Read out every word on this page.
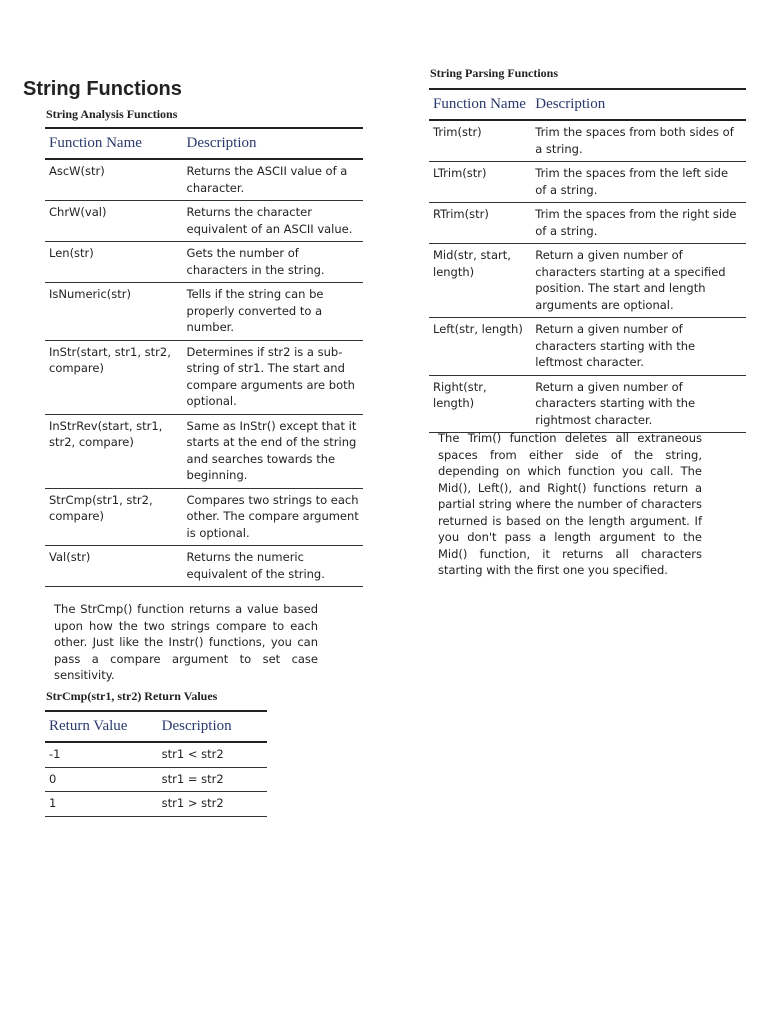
String Functions

String Analysis Functions

Function Name	Description
AscW(str)	Returns the ASCII value of a character.
ChrW(val)	Returns the character equivalent of an ASCII value.
Len(str)	Gets the number of characters in the string.
IsNumeric(str)	Tells if the string can be properly converted to a number.
InStr(start, str1, str2, compare)	Determines if str2 is a sub-string of str1. The start and compare arguments are both optional.
InStrRev(start, str1, str2, compare)	Same as InStr() except that it starts at the end of the string and searches towards the beginning.
StrCmp(str1, str2, compare)	Compares two strings to each other. The compare argument is optional.
Val(str)	Returns the numeric equivalent of the string.

The StrCmp() function returns a value based upon how the two strings compare to each other. Just like the Instr() functions, you can pass a compare argument to set case sensitivity.

StrCmp(str1, str2) Return Values

Return Value	Description
-1	str1 < str2
0	str1 = str2
1	str1 > str2

String Parsing Functions

Function Name	Description
Trim(str)	Trim the spaces from both sides of a string.
LTrim(str)	Trim the spaces from the left side of a string.
RTrim(str)	Trim the spaces from the right side of a string.
Mid(str, start, length)	Return a given number of characters starting at a specified position. The start and length arguments are optional.
Left(str, length)	Return a given number of characters starting with the leftmost character.
Right(str, length)	Return a given number of characters starting with the rightmost character.

The Trim() function deletes all extraneous spaces from either side of the string, depending on which function you call. The Mid(), Left(), and Right() functions return a partial string where the number of characters returned is based on the length argument. If you don't pass a length argument to the Mid() function, it returns all characters starting with the first one you specified.
